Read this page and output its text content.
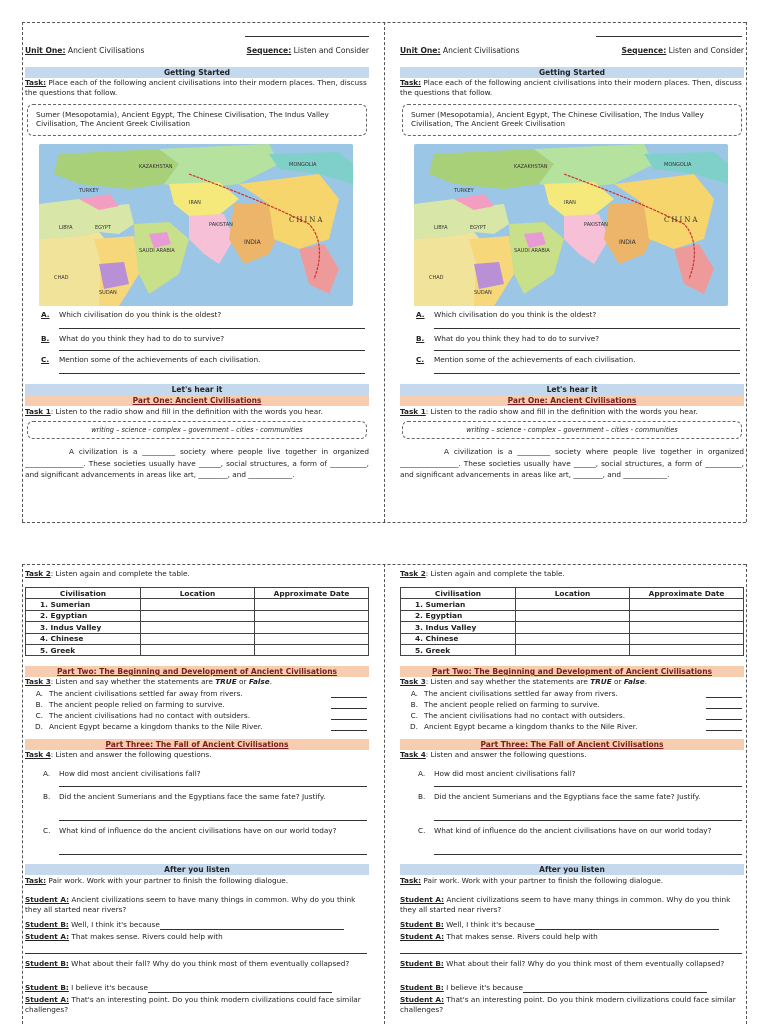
Unit One: Ancient Civilisations	Sequence: Listen and Consider
Getting Started
Task: Place each of the following ancient civilisations into their modern places. Then, discuss the questions that follow.
Sumer (Mesopotamia), Ancient Egypt, The Chinese Civilisation, The Indus Valley Civilisation, The Ancient Greek Civilisation
KAZAKHSTAN	MONGOLIA
CHINA
IRAN
INDIA
EGYPT
LIBYA
SUDAN
CHAD
SAUDI ARABIA
PAKISTAN
TURKEY
A. Which civilisation do you think is the oldest?
B. What do you think they had to do to survive?
C. Mention some of the achievements of each civilisation.
Let's hear it
Part One: Ancient Civilisations
Task 1: Listen to the radio show and fill in the definition with the words you hear.
writing – science - complex – government – cities - communities
A civilization is a _________ society where people live together in organized ________________. These societies usually have ______, social structures, a form of __________, and significant advancements in areas like art, ________, and ____________.
Unit One: Ancient Civilisations	Sequence: Listen and Consider
Getting Started
Task: Place each of the following ancient civilisations into their modern places. Then, discuss the questions that follow.
Sumer (Mesopotamia), Ancient Egypt, The Chinese Civilisation, The Indus Valley Civilisation, The Ancient Greek Civilisation
KAZAKHSTAN	MONGOLIA
CHINA
IRAN
INDIA
EGYPT
LIBYA
SUDAN
CHAD
SAUDI ARABIA
PAKISTAN
TURKEY
A. Which civilisation do you think is the oldest?
B. What do you think they had to do to survive?
C. Mention some of the achievements of each civilisation.
Let's hear it
Part One: Ancient Civilisations
Task 1: Listen to the radio show and fill in the definition with the words you hear.
writing – science - complex – government – cities - communities
A civilization is a _________ society where people live together in organized ________________. These societies usually have ______, social structures, a form of __________, and significant advancements in areas like art, ________, and ____________.
Task 2: Listen again and complete the table.
Civilisation	Location	Approximate Date
1. Sumerian		
2. Egyptian		
3. Indus Valley		
4. Chinese		
5. Greek		
Part Two: The Beginning and Development of Ancient Civilisations
Task 3: Listen and say whether the statements are TRUE or False.
A. The ancient civilisations settled far away from rivers.
B. The ancient people relied on farming to survive.
C. The ancient civilisations had no contact with outsiders.
D. Ancient Egypt became a kingdom thanks to the Nile River.
Part Three: The Fall of Ancient Civilisations
Task 4: Listen and answer the following questions.
A. How did most ancient civilisations fall?
B. Did the ancient Sumerians and the Egyptians face the same fate? Justify.
C. What kind of influence do the ancient civilisations have on our world today?
After you listen
Task: Pair work. Work with your partner to finish the following dialogue.
Student A: Ancient civilizations seem to have many things in common. Why do you think they all started near rivers?
Student B: Well, I think it's because
Student A: That makes sense. Rivers could help with
Student B: What about their fall? Why do you think most of them eventually collapsed?
Student B: I believe it's because
Student A: That's an interesting point. Do you think modern civilizations could face similar challenges?
Task 2: Listen again and complete the table.
Civilisation	Location	Approximate Date
1. Sumerian		
2. Egyptian		
3. Indus Valley		
4. Chinese		
5. Greek		
Part Two: The Beginning and Development of Ancient Civilisations
Task 3: Listen and say whether the statements are TRUE or False.
A. The ancient civilisations settled far away from rivers.
B. The ancient people relied on farming to survive.
C. The ancient civilisations had no contact with outsiders.
D. Ancient Egypt became a kingdom thanks to the Nile River.
Part Three: The Fall of Ancient Civilisations
Task 4: Listen and answer the following questions.
A. How did most ancient civilisations fall?
B. Did the ancient Sumerians and the Egyptians face the same fate? Justify.
C. What kind of influence do the ancient civilisations have on our world today?
After you listen
Task: Pair work. Work with your partner to finish the following dialogue.
Student A: Ancient civilizations seem to have many things in common. Why do you think they all started near rivers?
Student B: Well, I think it's because
Student A: That makes sense. Rivers could help with
Student B: What about their fall? Why do you think most of them eventually collapsed?
Student B: I believe it's because
Student A: That's an interesting point. Do you think modern civilizations could face similar challenges?
